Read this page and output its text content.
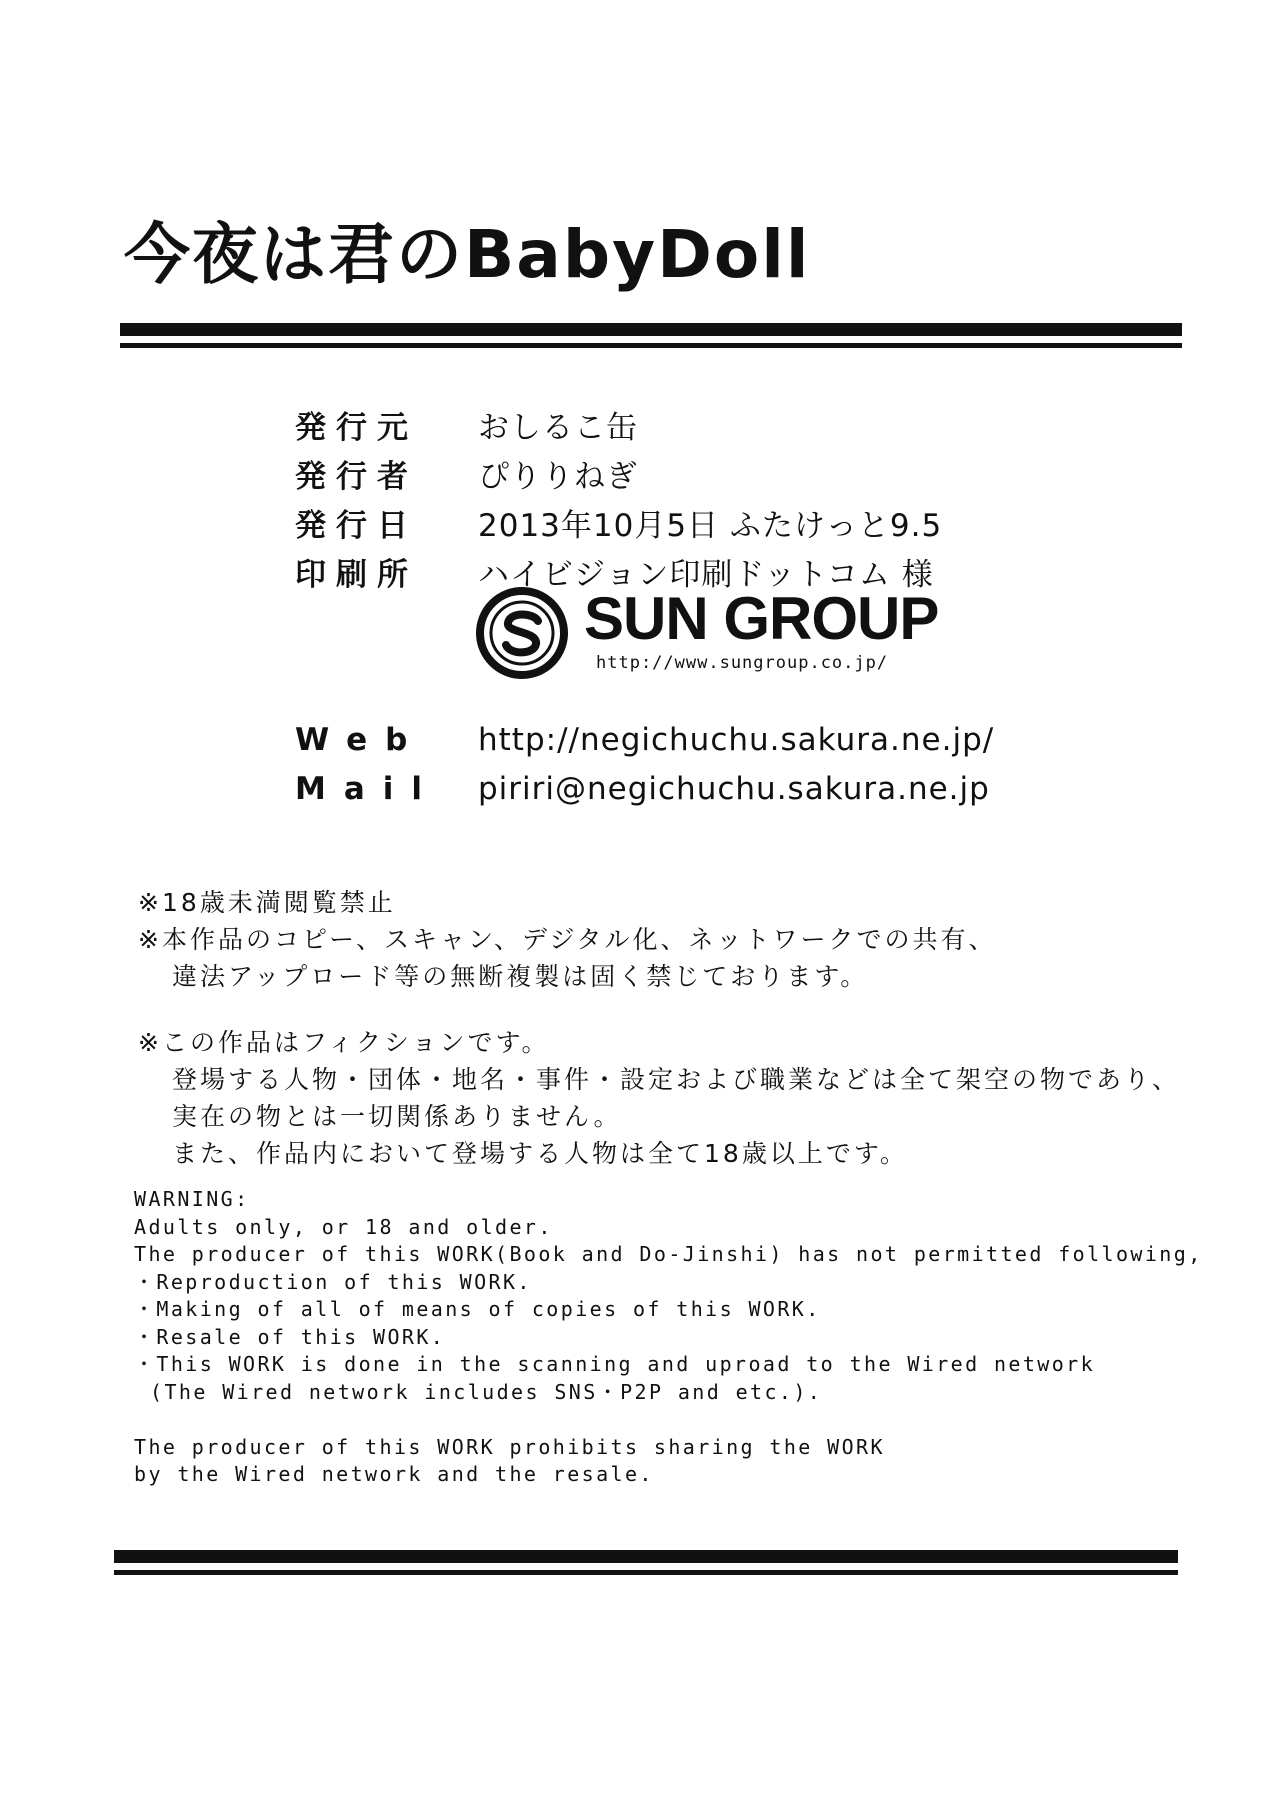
今夜は君のBabyDoll
発行元 おしるこ缶
発行者 ぴりりねぎ
発行日 2013年10月5日 ふたけっと9.5
印刷所 ハイビジョン印刷ドットコム 様
SUN GROUP
http://www.sungroup.co.jp/
Web http://negichuchu.sakura.ne.jp/
Mail piriri@negichuchu.sakura.ne.jp
※18歳未満閲覧禁止
※本作品のコピー、スキャン、デジタル化、ネットワークでの共有、
違法アップロード等の無断複製は固く禁じております。
※この作品はフィクションです。
登場する人物・団体・地名・事件・設定および職業などは全て架空の物であり、
実在の物とは一切関係ありません。
また、作品内において登場する人物は全て18歳以上です。
WARNING:
Adults only, or 18 and older.
The producer of this WORK(Book and Do-Jinshi) has not permitted following,
・Reproduction of this WORK.
・Making of all of means of copies of this WORK.
・Resale of this WORK.
・This WORK is done in the scanning and uproad to the Wired network
(The Wired network includes SNS・P2P and etc.).
The producer of this WORK prohibits sharing the WORK
by the Wired network and the resale.
